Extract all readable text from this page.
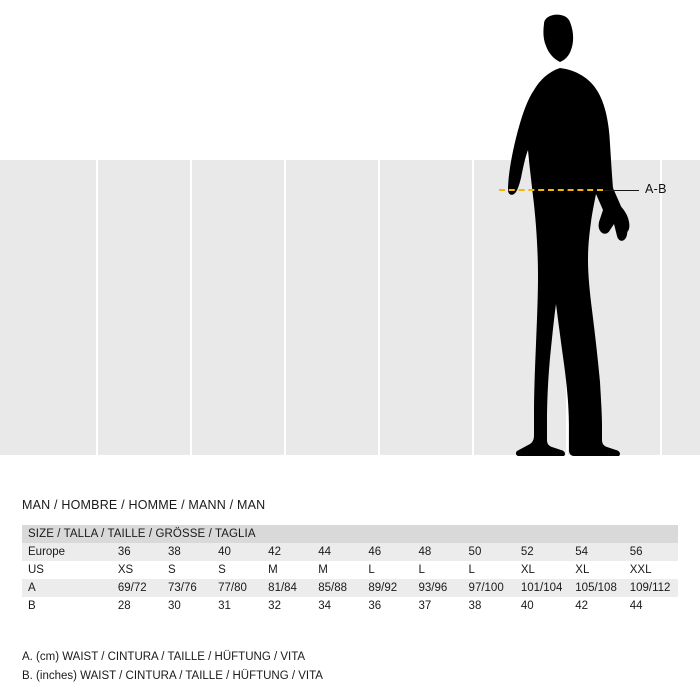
A-B
MAN / HOMBRE / HOMME / MANN / MAN
SIZE / TALLA / TAILLE / GRÖSSE / TAGLIA											
Europe	36	38	40	42	44	46	48	50	52	54	56
US	XS	S	S	M	M	L	L	L	XL	XL	XXL
A	69/72	73/76	77/80	81/84	85/88	89/92	93/96	97/100	101/104	105/108	109/112
B	28	30	31	32	34	36	37	38	40	42	44
A. (cm) WAIST / CINTURA / TAILLE / HÜFTUNG / VITA
B. (inches) WAIST / CINTURA / TAILLE / HÜFTUNG / VITA
